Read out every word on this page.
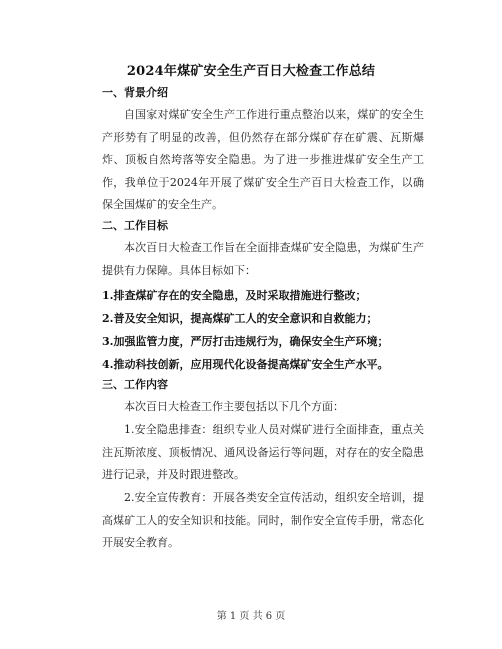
2024年煤矿安全生产百日大检查工作总结
一、背景介绍
自国家对煤矿安全生产工作进行重点整治以来，煤矿的安全生产形势有了明显的改善，但仍然存在部分煤矿存在矿震、瓦斯爆炸、顶板自然垮落等安全隐患。为了进一步推进煤矿安全生产工作，我单位于2024年开展了煤矿安全生产百日大检查工作，以确保全国煤矿的安全生产。
二、工作目标
本次百日大检查工作旨在全面排查煤矿安全隐患，为煤矿生产提供有力保障。具体目标如下：
1.排查煤矿存在的安全隐患，及时采取措施进行整改；
2.普及安全知识，提高煤矿工人的安全意识和自救能力；
3.加强监管力度，严厉打击违规行为，确保安全生产环境；
4.推动科技创新，应用现代化设备提高煤矿安全生产水平。
三、工作内容
本次百日大检查工作主要包括以下几个方面：
1.安全隐患排查：组织专业人员对煤矿进行全面排查，重点关注瓦斯浓度、顶板情况、通风设备运行等问题，对存在的安全隐患进行记录，并及时跟进整改。
2.安全宣传教育：开展各类安全宣传活动，组织安全培训，提高煤矿工人的安全知识和技能。同时，制作安全宣传手册，常态化开展安全教育。
第 1 页 共 6 页
